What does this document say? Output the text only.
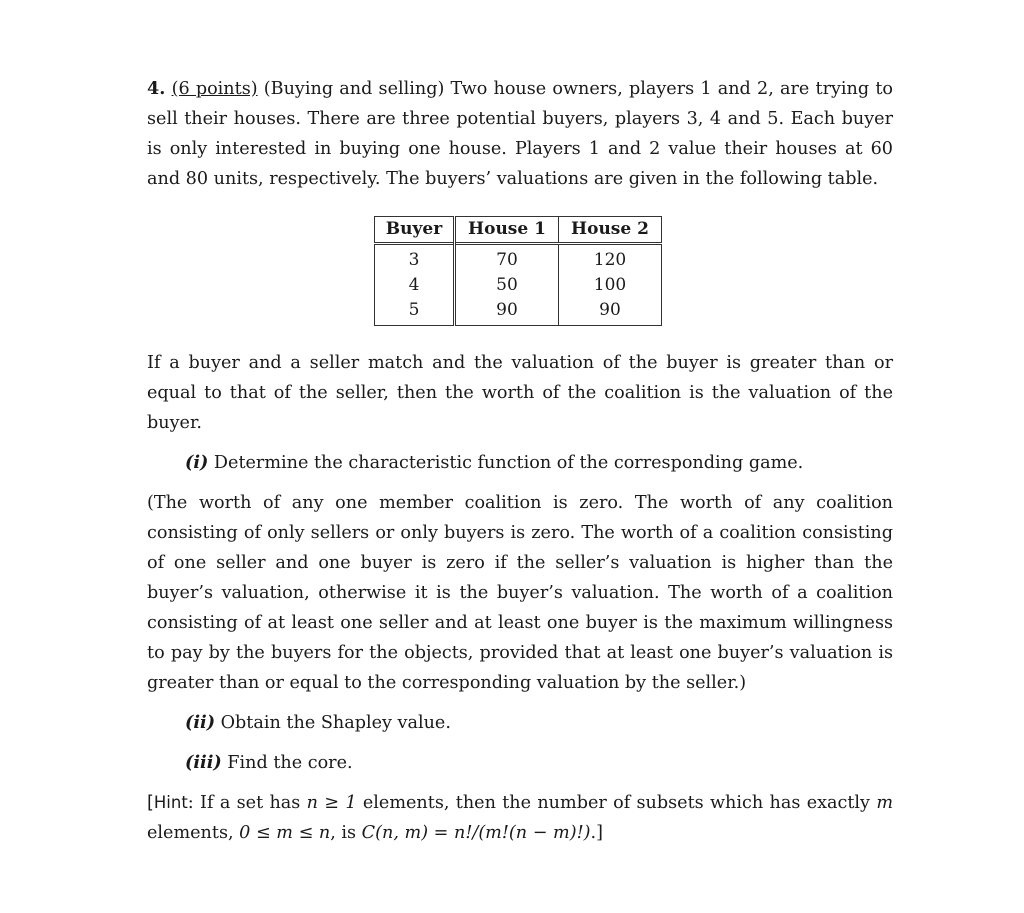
4. (6 points) (Buying and selling) Two house owners, players 1 and 2, are trying to sell their houses. There are three potential buyers, players 3, 4 and 5. Each buyer is only interested in buying one house. Players 1 and 2 value their houses at 60 and 80 units, respectively. The buyers’ valuations are given in the following table.

Buyer	House 1	House 2
3	70	120
4	50	100
5	90	90

If a buyer and a seller match and the valuation of the buyer is greater than or equal to that of the seller, then the worth of the coalition is the valuation of the buyer.

(i) Determine the characteristic function of the corresponding game.

(The worth of any one member coalition is zero. The worth of any coalition consisting of only sellers or only buyers is zero. The worth of a coalition consisting of one seller and one buyer is zero if the seller’s valuation is higher than the buyer’s valuation, otherwise it is the buyer’s valuation. The worth of a coalition consisting of at least one seller and at least one buyer is the maximum willingness to pay by the buyers for the objects, provided that at least one buyer’s valuation is greater than or equal to the corresponding valuation by the seller.)

(ii) Obtain the Shapley value.

(iii) Find the core.

[Hint: If a set has n ≥ 1 elements, then the number of subsets which has exactly m elements, 0 ≤ m ≤ n, is C(n, m) = n!/(m!(n − m)!).]
